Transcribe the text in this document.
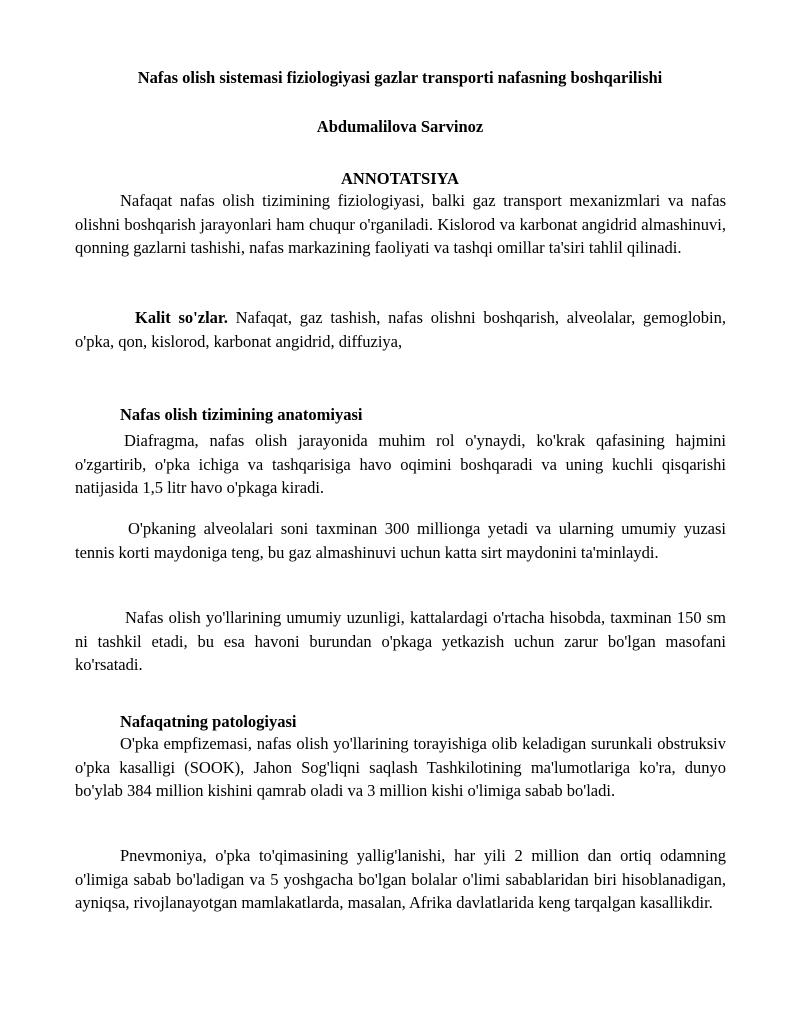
Nafas olish sistemasi fiziologiyasi gazlar transporti nafasning boshqarilishi
Abdumalilova Sarvinoz
ANNOTATSIYA
Nafaqat nafas olish tizimining fiziologiyasi, balki gaz transport mexanizmlari va nafas olishni boshqarish jarayonlari ham chuqur o'rganiladi. Kislorod va karbonat angidrid almashinuvi, qonning gazlarni tashishi, nafas markazining faoliyati va tashqi omillar ta'siri tahlil qilinadi.
Kalit so'zlar. Nafaqat, gaz tashish, nafas olishni boshqarish, alveolalar, gemoglobin, o'pka, qon, kislorod, karbonat angidrid, diffuziya,
Nafas olish tizimining anatomiyasi
Diafragma, nafas olish jarayonida muhim rol o'ynaydi, ko'krak qafasining hajmini o'zgartirib, o'pka ichiga va tashqarisiga havo oqimini boshqaradi va uning kuchli qisqarishi natijasida 1,5 litr havo o'pkaga kiradi.
O'pkaning alveolalari soni taxminan 300 millionga yetadi va ularning umumiy yuzasi tennis korti maydoniga teng, bu gaz almashinuvi uchun katta sirt maydonini ta'minlaydi.
Nafas olish yo'llarining umumiy uzunligi, kattalardagi o'rtacha hisobda, taxminan 150 sm ni tashkil etadi, bu esa havoni burundan o'pkaga yetkazish uchun zarur bo'lgan masofani ko'rsatadi.
Nafaqatning patologiyasi
O'pka empfizemasi, nafas olish yo'llarining torayishiga olib keladigan surunkali obstruksiv o'pka kasalligi (SOOK), Jahon Sog'liqni saqlash Tashkilotining ma'lumotlariga ko'ra, dunyo bo'ylab 384 million kishini qamrab oladi va 3 million kishi o'limiga sabab bo'ladi.
Pnevmoniya, o'pka to'qimasining yallig'lanishi, har yili 2 million dan ortiq odamning o'limiga sabab bo'ladigan va 5 yoshgacha bo'lgan bolalar o'limi sabablaridan biri hisoblanadigan, ayniqsa, rivojlanayotgan mamlakatlarda, masalan, Afrika davlatlarida keng tarqalgan kasallikdir.
